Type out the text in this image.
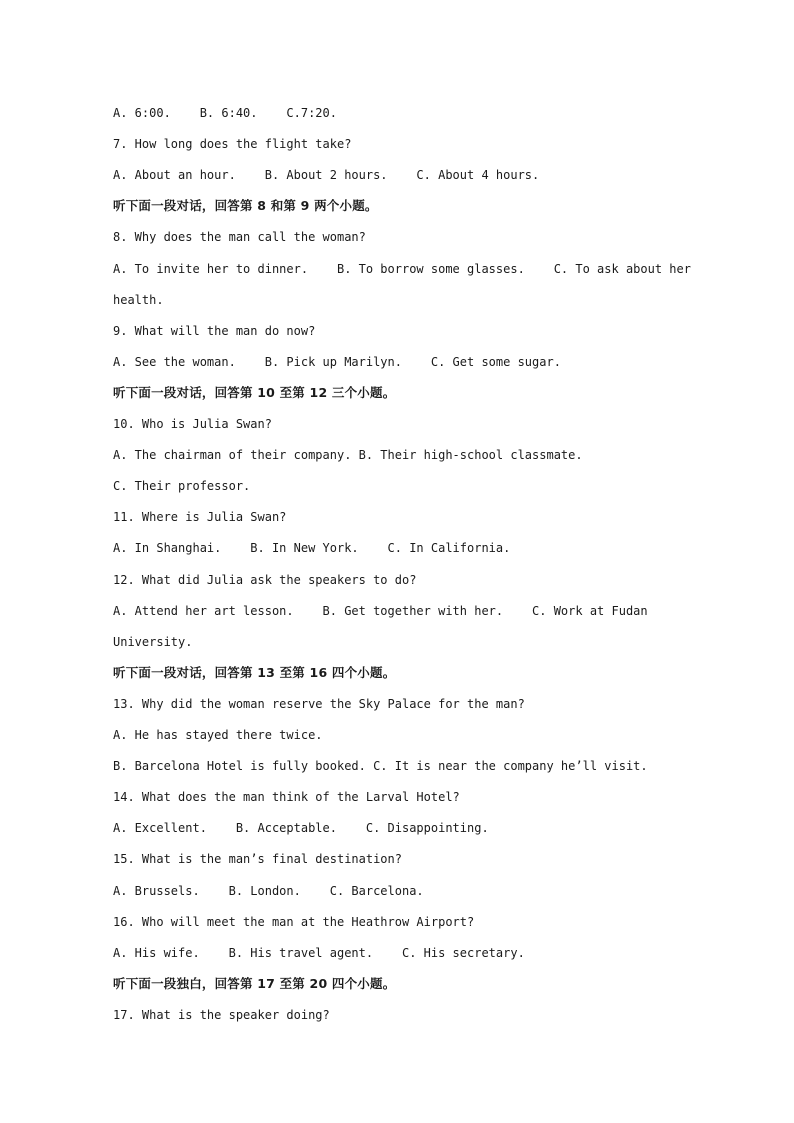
A. 6:00.    B. 6:40.    C.7:20.
7. How long does the flight take?
A. About an hour.    B. About 2 hours.    C. About 4 hours.
听下面一段对话，回答第 8 和第 9 两个小题。
8. Why does the man call the woman?
A. To invite her to dinner.    B. To borrow some glasses.    C. To ask about her
health.
9. What will the man do now?
A. See the woman.    B. Pick up Marilyn.    C. Get some sugar.
听下面一段对话，回答第 10 至第 12 三个小题。
10. Who is Julia Swan?
A. The chairman of their company. B. Their high-school classmate.
C. Their professor.
11. Where is Julia Swan?
A. In Shanghai.    B. In New York.    C. In California.
12. What did Julia ask the speakers to do?
A. Attend her art lesson.    B. Get together with her.    C. Work at Fudan
University.
听下面一段对话，回答第 13 至第 16 四个小题。
13. Why did the woman reserve the Sky Palace for the man?
A. He has stayed there twice.
B. Barcelona Hotel is fully booked. C. It is near the company he’ll visit.
14. What does the man think of the Larval Hotel?
A. Excellent.    B. Acceptable.    C. Disappointing.
15. What is the man’s final destination?
A. Brussels.    B. London.    C. Barcelona.
16. Who will meet the man at the Heathrow Airport?
A. His wife.    B. His travel agent.    C. His secretary.
听下面一段独白，回答第 17 至第 20 四个小题。
17. What is the speaker doing?
